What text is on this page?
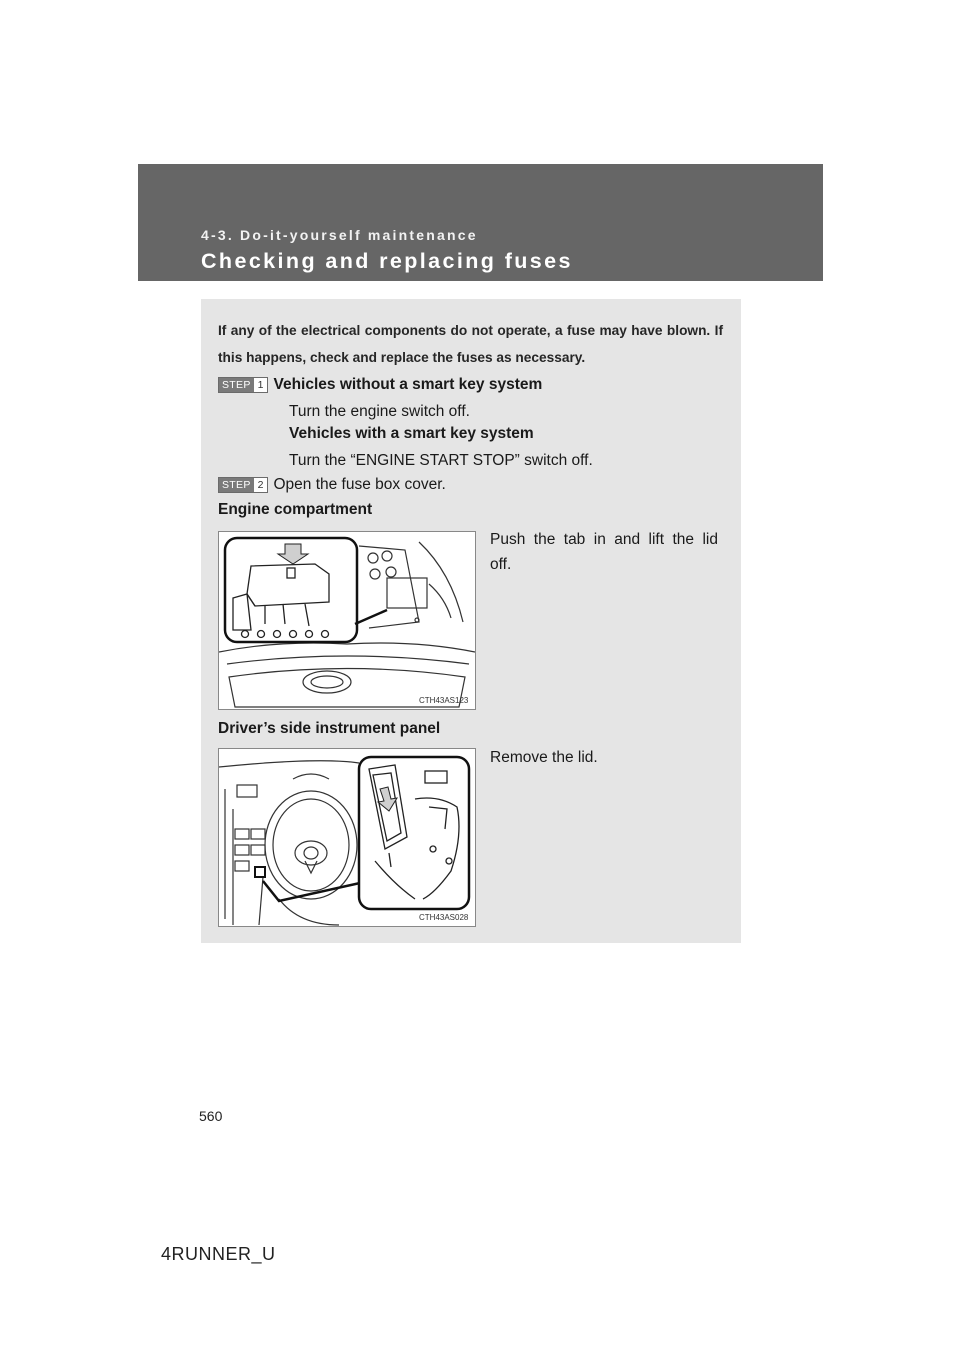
4-3. Do-it-yourself maintenance
Checking and replacing fuses
If any of the electrical components do not operate, a fuse may have blown. If this happens, check and replace the fuses as necessary.
STEP 1 Vehicles without a smart key system
Turn the engine switch off.
Vehicles with a smart key system
Turn the “ENGINE START STOP” switch off.
STEP 2 Open the fuse box cover.
Engine compartment
CTH43AS123
Push the tab in and lift the lid
off.
Driver’s side instrument panel
CTH43AS028
Remove the lid.
560
4RUNNER_U
